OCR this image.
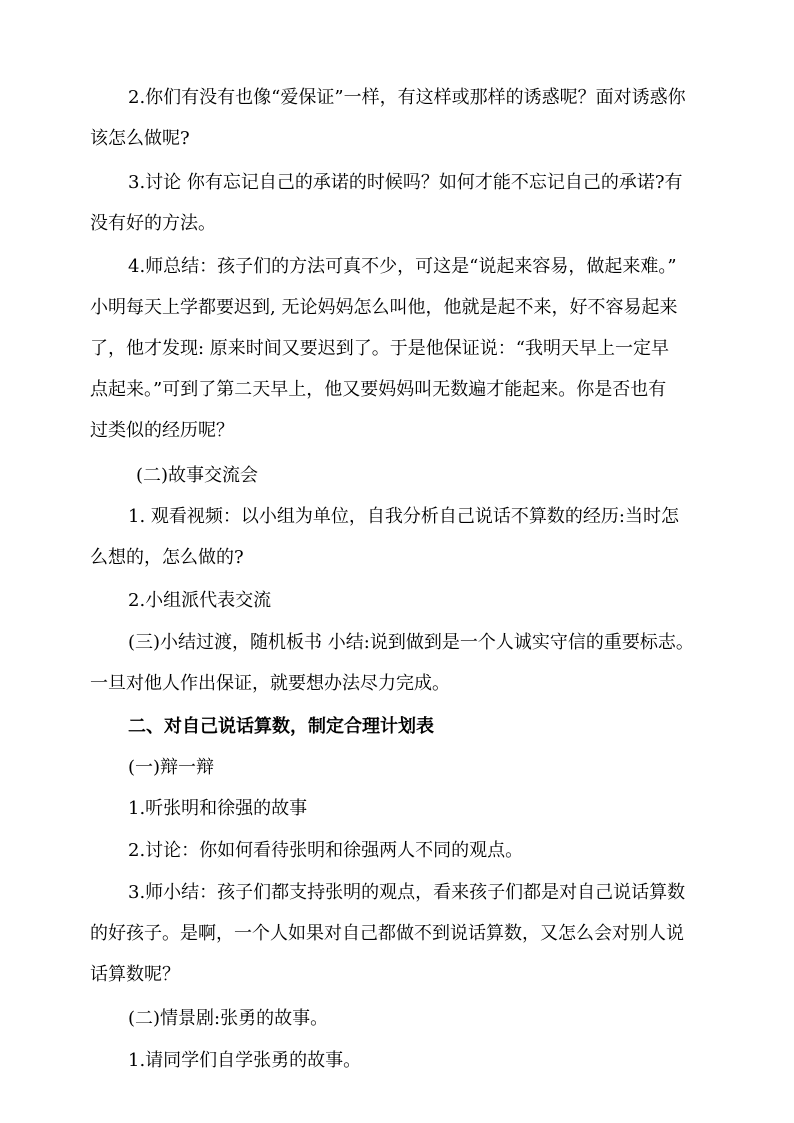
2.你们有没有也像“爱保证”一样，有这样或那样的诱惑呢？面对诱惑你
该怎么做呢?

3.讨论 你有忘记自己的承诺的时候吗？如何才能不忘记自己的承诺?有
没有好的方法。

4.师总结：孩子们的方法可真不少，可这是“说起来容易，做起来难。”
小明每天上学都要迟到, 无论妈妈怎么叫他，他就是起不来，好不容易起来
了，他才发现: 原来时间又要迟到了。于是他保证说：“我明天早上一定早
点起来。”可到了第二天早上，他又要妈妈叫无数遍才能起来。你是否也有
过类似的经历呢？

(二)故事交流会

1. 观看视频：以小组为单位，自我分析自己说话不算数的经历:当时怎
么想的，怎么做的?

2.小组派代表交流

(三)小结过渡，随机板书 小结:说到做到是一个人诚实守信的重要标志。
一旦对他人作出保证，就要想办法尽力完成。

二、对自己说话算数，制定合理计划表

(一)辩一辩

1.听张明和徐强的故事

2.讨论：你如何看待张明和徐强两人不同的观点。

3.师小结：孩子们都支持张明的观点，看来孩子们都是对自己说话算数
的好孩子。是啊，一个人如果对自己都做不到说话算数，又怎么会对别人说
话算数呢？

(二)情景剧:张勇的故事。

1.请同学们自学张勇的故事。
